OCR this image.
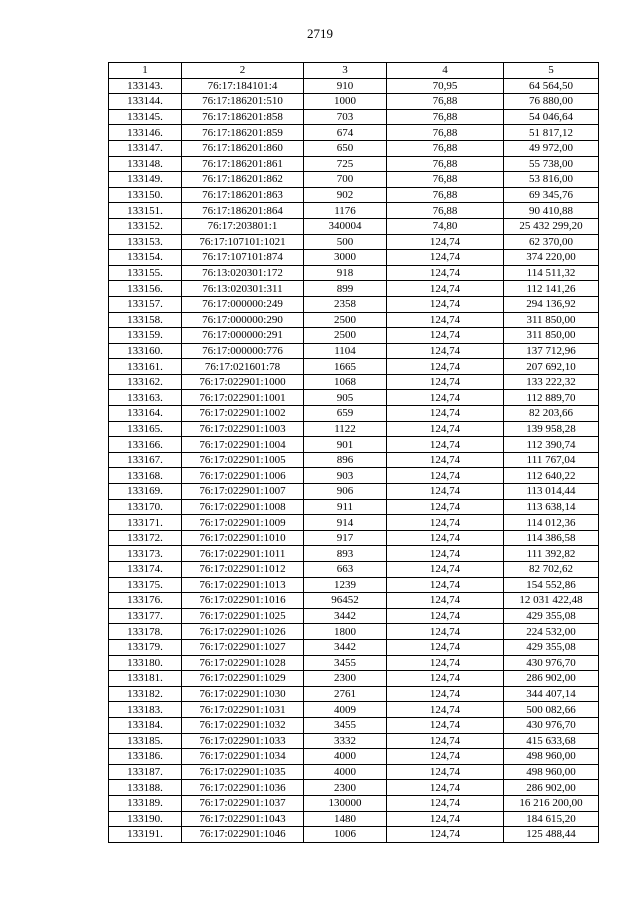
2719
1	2	3	4	5
133143.	76:17:184101:4	910	70,95	64 564,50
133144.	76:17:186201:510	1000	76,88	76 880,00
133145.	76:17:186201:858	703	76,88	54 046,64
133146.	76:17:186201:859	674	76,88	51 817,12
133147.	76:17:186201:860	650	76,88	49 972,00
133148.	76:17:186201:861	725	76,88	55 738,00
133149.	76:17:186201:862	700	76,88	53 816,00
133150.	76:17:186201:863	902	76,88	69 345,76
133151.	76:17:186201:864	1176	76,88	90 410,88
133152.	76:17:203801:1	340004	74,80	25 432 299,20
133153.	76:17:107101:1021	500	124,74	62 370,00
133154.	76:17:107101:874	3000	124,74	374 220,00
133155.	76:13:020301:172	918	124,74	114 511,32
133156.	76:13:020301:311	899	124,74	112 141,26
133157.	76:17:000000:249	2358	124,74	294 136,92
133158.	76:17:000000:290	2500	124,74	311 850,00
133159.	76:17:000000:291	2500	124,74	311 850,00
133160.	76:17:000000:776	1104	124,74	137 712,96
133161.	76:17:021601:78	1665	124,74	207 692,10
133162.	76:17:022901:1000	1068	124,74	133 222,32
133163.	76:17:022901:1001	905	124,74	112 889,70
133164.	76:17:022901:1002	659	124,74	82 203,66
133165.	76:17:022901:1003	1122	124,74	139 958,28
133166.	76:17:022901:1004	901	124,74	112 390,74
133167.	76:17:022901:1005	896	124,74	111 767,04
133168.	76:17:022901:1006	903	124,74	112 640,22
133169.	76:17:022901:1007	906	124,74	113 014,44
133170.	76:17:022901:1008	911	124,74	113 638,14
133171.	76:17:022901:1009	914	124,74	114 012,36
133172.	76:17:022901:1010	917	124,74	114 386,58
133173.	76:17:022901:1011	893	124,74	111 392,82
133174.	76:17:022901:1012	663	124,74	82 702,62
133175.	76:17:022901:1013	1239	124,74	154 552,86
133176.	76:17:022901:1016	96452	124,74	12 031 422,48
133177.	76:17:022901:1025	3442	124,74	429 355,08
133178.	76:17:022901:1026	1800	124,74	224 532,00
133179.	76:17:022901:1027	3442	124,74	429 355,08
133180.	76:17:022901:1028	3455	124,74	430 976,70
133181.	76:17:022901:1029	2300	124,74	286 902,00
133182.	76:17:022901:1030	2761	124,74	344 407,14
133183.	76:17:022901:1031	4009	124,74	500 082,66
133184.	76:17:022901:1032	3455	124,74	430 976,70
133185.	76:17:022901:1033	3332	124,74	415 633,68
133186.	76:17:022901:1034	4000	124,74	498 960,00
133187.	76:17:022901:1035	4000	124,74	498 960,00
133188.	76:17:022901:1036	2300	124,74	286 902,00
133189.	76:17:022901:1037	130000	124,74	16 216 200,00
133190.	76:17:022901:1043	1480	124,74	184 615,20
133191.	76:17:022901:1046	1006	124,74	125 488,44
